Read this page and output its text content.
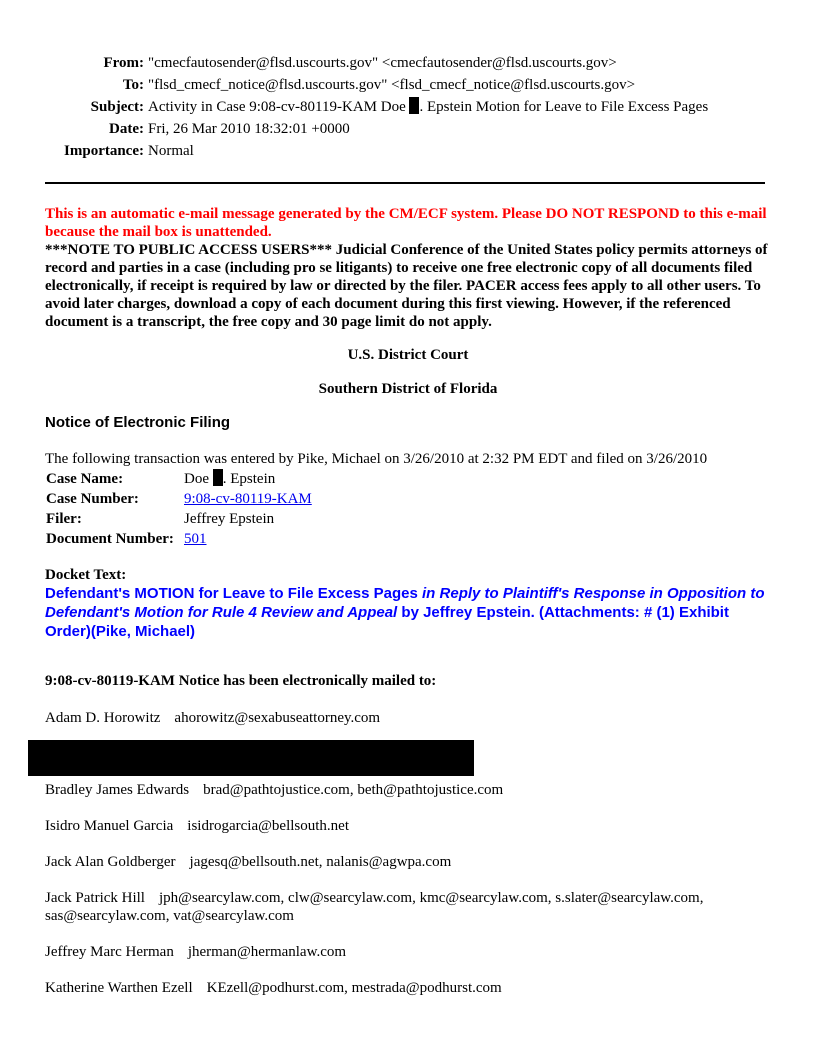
From: "cmecfautosender@flsd.uscourts.gov" <cmecfautosender@flsd.uscourts.gov>
To: "flsd_cmecf_notice@flsd.uscourts.gov" <flsd_cmecf_notice@flsd.uscourts.gov>
Subject: Activity in Case 9:08-cv-80119-KAM Doe . Epstein Motion for Leave to File Excess Pages
Date: Fri, 26 Mar 2010 18:32:01 +0000
Importance: Normal
This is an automatic e-mail message generated by the CM/ECF system. Please DO NOT RESPOND to this e-mail because the mail box is unattended.
***NOTE TO PUBLIC ACCESS USERS*** Judicial Conference of the United States policy permits attorneys of record and parties in a case (including pro se litigants) to receive one free electronic copy of all documents filed electronically, if receipt is required by law or directed by the filer. PACER access fees apply to all other users. To avoid later charges, download a copy of each document during this first viewing. However, if the referenced document is a transcript, the free copy and 30 page limit do not apply.
U.S. District Court
Southern District of Florida
Notice of Electronic Filing
The following transaction was entered by Pike, Michael on 3/26/2010 at 2:32 PM EDT and filed on 3/26/2010
Case Name:	Doe . Epstein
Case Number:	9:08-cv-80119-KAM
Filer:	Jeffrey Epstein
Document Number:	501
Docket Text:
Defendant's MOTION for Leave to File Excess Pages in Reply to Plaintiff's Response in Opposition to Defendant's Motion for Rule 4 Review and Appeal by Jeffrey Epstein. (Attachments: # (1) Exhibit Order)(Pike, Michael)
9:08-cv-80119-KAM Notice has been electronically mailed to:
Adam D. Horowitz ahorowitz@sexabuseattorney.com
Bradley James Edwards brad@pathtojustice.com, beth@pathtojustice.com
Isidro Manuel Garcia isidrogarcia@bellsouth.net
Jack Alan Goldberger jagesq@bellsouth.net, nalanis@agwpa.com
Jack Patrick Hill jph@searcylaw.com, clw@searcylaw.com, kmc@searcylaw.com, s.slater@searcylaw.com, sas@searcylaw.com, vat@searcylaw.com
Jeffrey Marc Herman jherman@hermanlaw.com
Katherine Warthen Ezell KEzell@podhurst.com, mestrada@podhurst.com
